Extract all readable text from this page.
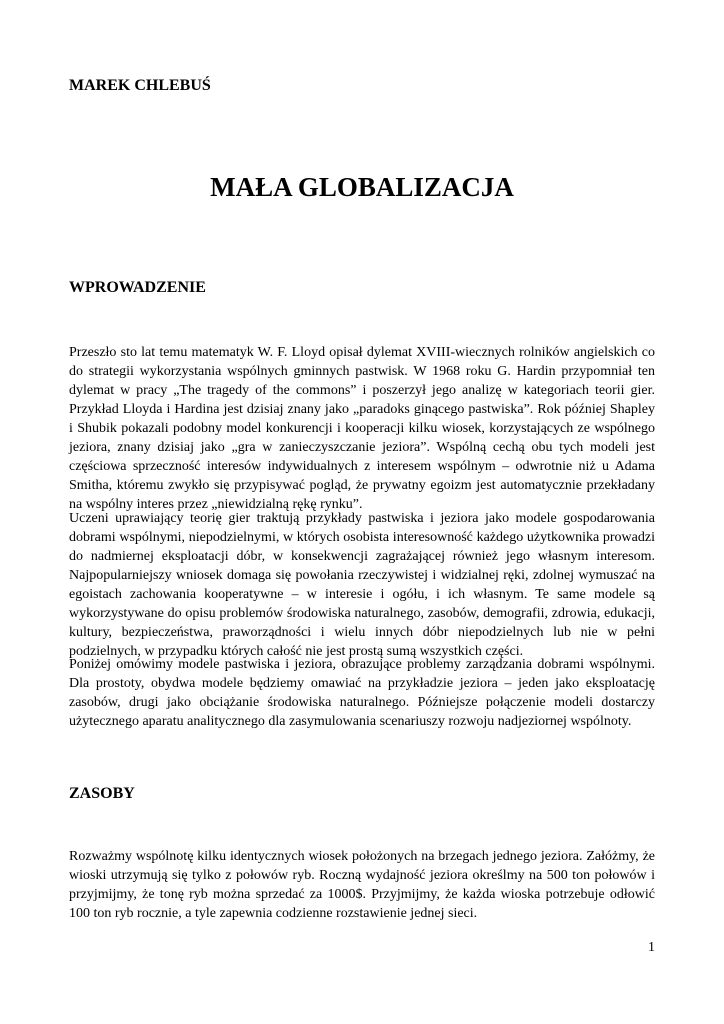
MAREK CHLEBUŚ

MAŁA GLOBALIZACJA
WPROWADZENIE

Przeszło sto lat temu matematyk W. F. Lloyd opisał dylemat XVIII-wiecznych rolników angielskich co do strategii wykorzystania wspólnych gminnych pastwisk. W 1968 roku G. Hardin przypomniał ten dylemat w pracy „The tragedy of the commons” i poszerzył jego analizę w kategoriach teorii gier. Przykład Lloyda i Hardina jest dzisiaj znany jako „paradoks ginącego pastwiska”. Rok później Shapley i Shubik pokazali podobny model konkurencji i kooperacji kilku wiosek, korzystających ze wspólnego jeziora, znany dzisiaj jako „gra w zanieczyszczanie jeziora”. Wspólną cechą obu tych modeli jest częściowa sprzeczność interesów indywidualnych z interesem wspólnym – odwrotnie niż u Adama Smitha, któremu zwykło się przypisywać pogląd, że prywatny egoizm jest automatycznie przekładany na wspólny interes przez „niewidzialną rękę rynku”.

Uczeni uprawiający teorię gier traktują przykłady pastwiska i jeziora jako modele gospodarowania dobrami wspólnymi, niepodzielnymi, w których osobista interesowność każdego użytkownika prowadzi do nadmiernej eksploatacji dóbr, w konsekwencji zagrażającej również jego własnym interesom. Najpopularniejszy wniosek domaga się powołania rzeczywistej i widzialnej ręki, zdolnej wymuszać na egoistach zachowania kooperatywne – w interesie i ogółu, i ich własnym. Te same modele są wykorzystywane do opisu problemów środowiska naturalnego, zasobów, demografii, zdrowia, edukacji, kultury, bezpieczeństwa, praworządności i wielu innych dóbr niepodzielnych lub nie w pełni podzielnych, w przypadku których całość nie jest prostą sumą wszystkich części.

Poniżej omówimy modele pastwiska i jeziora, obrazujące problemy zarządzania dobrami wspólnymi. Dla prostoty, obydwa modele będziemy omawiać na przykładzie jeziora – jeden jako eksploatację zasobów, drugi jako obciążanie środowiska naturalnego. Późniejsze połączenie modeli dostarczy użytecznego aparatu analitycznego dla zasymulowania scenariuszy rozwoju nadjeziornej wspólnoty.

ZASOBY

Rozważmy wspólnotę kilku identycznych wiosek położonych na brzegach jednego jeziora. Załóżmy, że wioski utrzymują się tylko z połowów ryb. Roczną wydajność jeziora określmy na 500 ton połowów i przyjmijmy, że tonę ryb można sprzedać za 1000$. Przyjmijmy, że każda wioska potrzebuje odłowić 100 ton ryb rocznie, a tyle zapewnia codzienne rozstawienie jednej sieci.

1
